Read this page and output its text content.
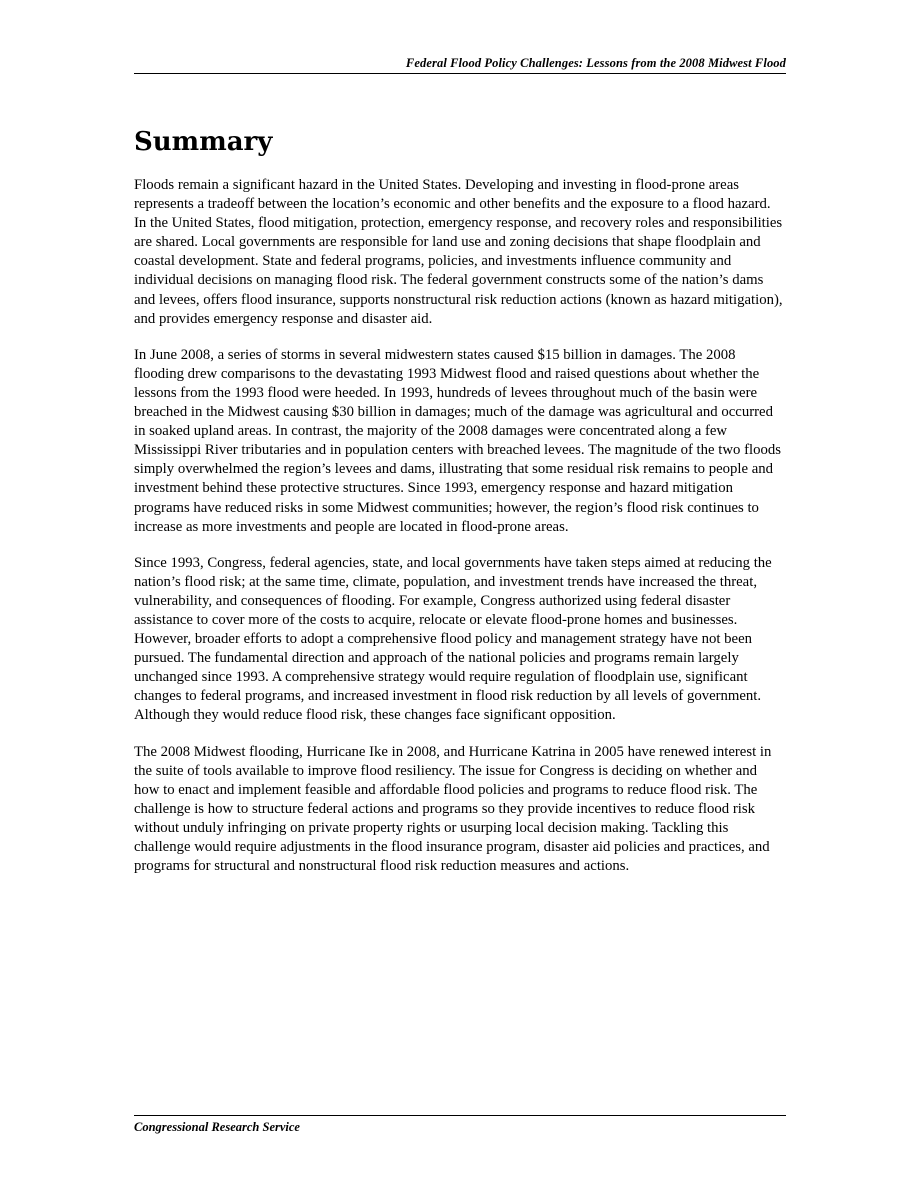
Federal Flood Policy Challenges: Lessons from the 2008 Midwest Flood
Summary

Floods remain a significant hazard in the United States. Developing and investing in flood-prone areas represents a tradeoff between the location’s economic and other benefits and the exposure to a flood hazard. In the United States, flood mitigation, protection, emergency response, and recovery roles and responsibilities are shared. Local governments are responsible for land use and zoning decisions that shape floodplain and coastal development. State and federal programs, policies, and investments influence community and individual decisions on managing flood risk. The federal government constructs some of the nation’s dams and levees, offers flood insurance, supports nonstructural risk reduction actions (known as hazard mitigation), and provides emergency response and disaster aid.

In June 2008, a series of storms in several midwestern states caused $15 billion in damages. The 2008 flooding drew comparisons to the devastating 1993 Midwest flood and raised questions about whether the lessons from the 1993 flood were heeded. In 1993, hundreds of levees throughout much of the basin were breached in the Midwest causing $30 billion in damages; much of the damage was agricultural and occurred in soaked upland areas. In contrast, the majority of the 2008 damages were concentrated along a few Mississippi River tributaries and in population centers with breached levees. The magnitude of the two floods simply overwhelmed the region’s levees and dams, illustrating that some residual risk remains to people and investment behind these protective structures. Since 1993, emergency response and hazard mitigation programs have reduced risks in some Midwest communities; however, the region’s flood risk continues to increase as more investments and people are located in flood-prone areas.

Since 1993, Congress, federal agencies, state, and local governments have taken steps aimed at reducing the nation’s flood risk; at the same time, climate, population, and investment trends have increased the threat, vulnerability, and consequences of flooding. For example, Congress authorized using federal disaster assistance to cover more of the costs to acquire, relocate or elevate flood-prone homes and businesses. However, broader efforts to adopt a comprehensive flood policy and management strategy have not been pursued. The fundamental direction and approach of the national policies and programs remain largely unchanged since 1993. A comprehensive strategy would require regulation of floodplain use, significant changes to federal programs, and increased investment in flood risk reduction by all levels of government. Although they would reduce flood risk, these changes face significant opposition.

The 2008 Midwest flooding, Hurricane Ike in 2008, and Hurricane Katrina in 2005 have renewed interest in the suite of tools available to improve flood resiliency. The issue for Congress is deciding on whether and how to enact and implement feasible and affordable flood policies and programs to reduce flood risk. The challenge is how to structure federal actions and programs so they provide incentives to reduce flood risk without unduly infringing on private property rights or usurping local decision making. Tackling this challenge would require adjustments in the flood insurance program, disaster aid policies and practices, and programs for structural and nonstructural flood risk reduction measures and actions.

Congressional Research Service
